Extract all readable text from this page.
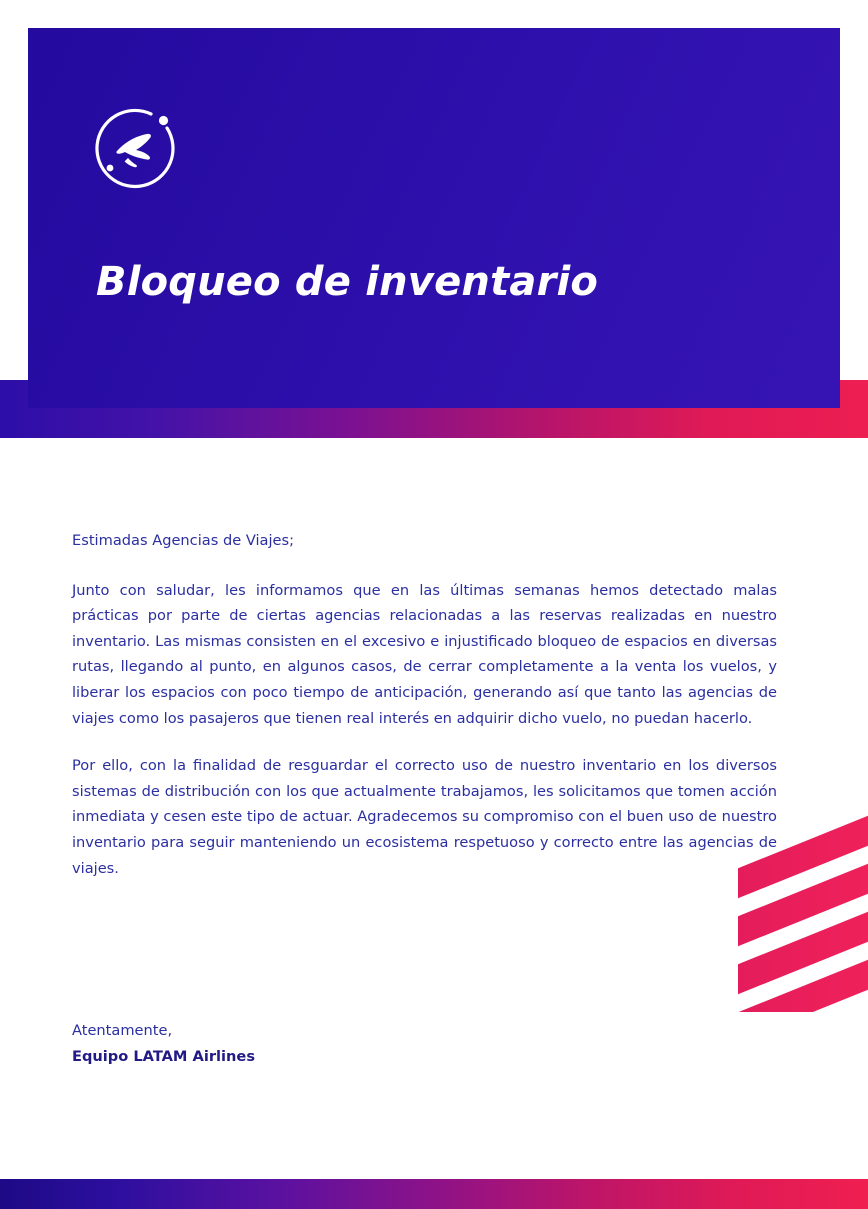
Bloqueo de inventario

Estimadas Agencias de Viajes;

Junto con saludar, les informamos que en las últimas semanas hemos detectado malas prácticas por parte de ciertas agencias relacionadas a las reservas realizadas en nuestro inventario. Las mismas consisten en el excesivo e injustificado bloqueo de espacios en diversas rutas, llegando al punto, en algunos casos, de cerrar completamente a la venta los vuelos, y liberar los espacios con poco tiempo de anticipación, generando así que tanto las agencias de viajes como los pasajeros que tienen real interés en adquirir dicho vuelo, no puedan hacerlo.

Por ello, con la finalidad de resguardar el correcto uso de nuestro inventario en los diversos sistemas de distribución con los que actualmente trabajamos, les solicitamos que tomen acción inmediata y cesen este tipo de actuar. Agradecemos su compromiso con el buen uso de nuestro inventario para seguir manteniendo un ecosistema respetuoso y correcto entre las agencias de viajes.

Atentamente,
Equipo LATAM Airlines
